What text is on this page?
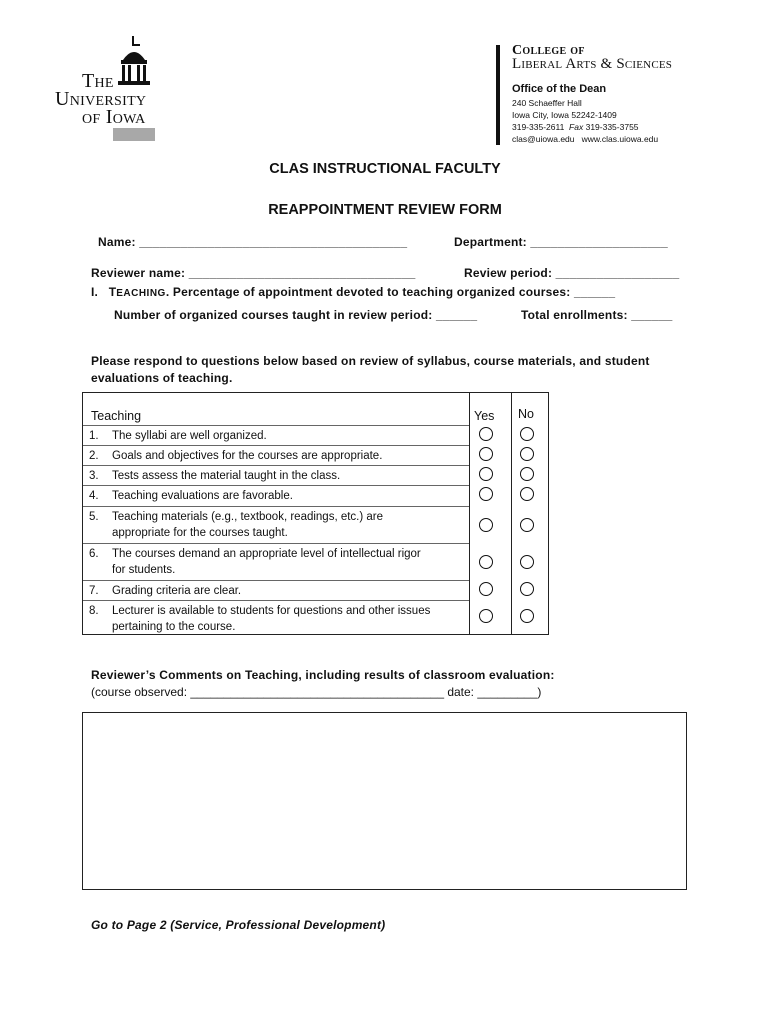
The
University
of Iowa
College of
Liberal Arts & Sciences
Office of the Dean
240 Schaeffer Hall
Iowa City, Iowa 52242-1409
319-335-2611 Fax 319-335-3755
clas@uiowa.edu www.clas.uiowa.edu
CLAS INSTRUCTIONAL FACULTY
REAPPOINTMENT REVIEW FORM
Name: _______________________________________	Department: ____________________
Reviewer name: _________________________________	Review period: __________________
I. TEACHING. Percentage of appointment devoted to teaching organized courses: ______
Number of organized courses taught in review period: ______	Total enrollments: ______
Please respond to questions below based on review of syllabus, course materials, and student
evaluations of teaching.
Teaching	Yes No
1. The syllabi are well organized.
2. Goals and objectives for the courses are appropriate.
3. Tests assess the material taught in the class.
4. Teaching evaluations are favorable.
5. Teaching materials (e.g., textbook, readings, etc.) are
appropriate for the courses taught.
6. The courses demand an appropriate level of intellectual rigor
for students.
7. Grading criteria are clear.
8. Lecturer is available to students for questions and other issues
pertaining to the course.
Reviewer’s Comments on Teaching, including results of classroom evaluation:
(course observed: ______________________________________ date: _________)
Go to Page 2 (Service, Professional Development)
